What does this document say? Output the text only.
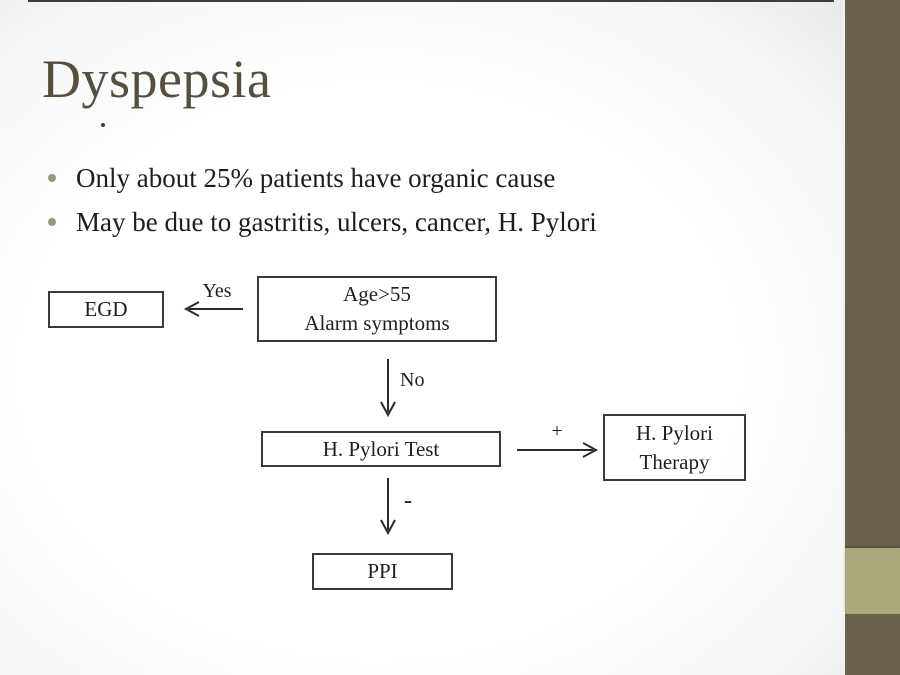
Dyspepsia
Only about 25% patients have organic cause
May be due to gastritis, ulcers, cancer, H. Pylori
Yes
No
+
-
EGD
Age>55
Alarm symptoms
H. Pylori Test
H. Pylori
Therapy
PPI
